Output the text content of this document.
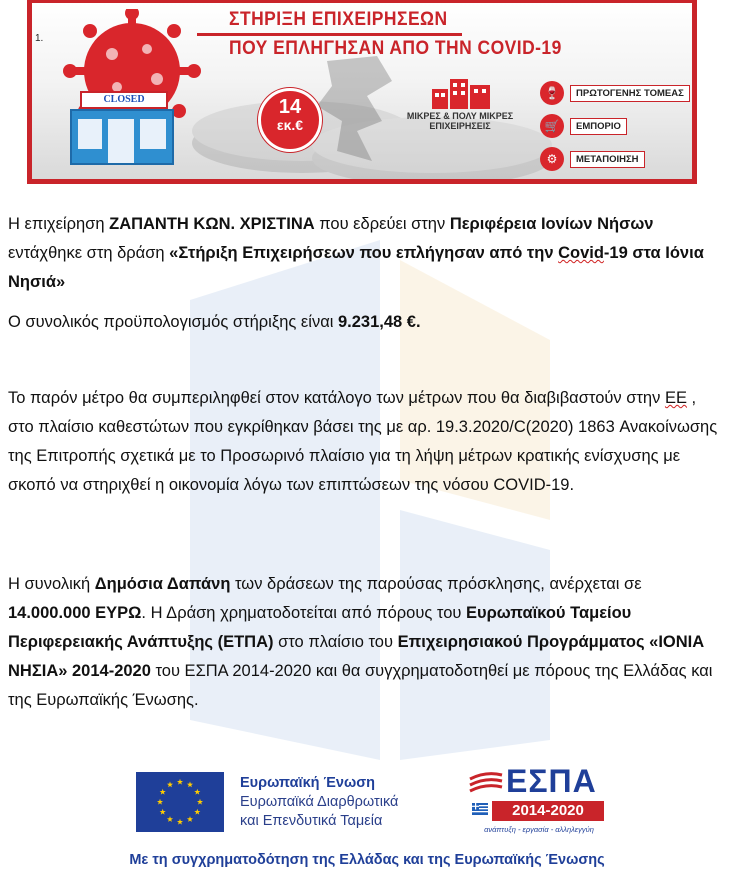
1.
CLOSED
ΣΤΗΡΙΞΗ ΕΠΙΧΕΙΡΗΣΕΩΝ
ΠΟΥ ΕΠΛΗΓΗΣΑΝ ΑΠΟ ΤΗΝ COVID-19
14
εκ.€
ΜΙΚΡΕΣ & ΠΟΛΥ ΜΙΚΡΕΣ
ΕΠΙΧΕΙΡΗΣΕΙΣ
🍷	ΠΡΩΤΟΓΕΝΗΣ ΤΟΜΕΑΣ
🛒	ΕΜΠΟΡΙΟ
⚙	ΜΕΤΑΠΟΙΗΣΗ
Η επιχείρηση ΖΑΠΑΝΤΗ ΚΩΝ. ΧΡΙΣΤΙΝΑ που εδρεύει στην Περιφέρεια Ιονίων Νήσων εντάχθηκε στη δράση «Στήριξη Επιχειρήσεων που επλήγησαν από την Covid-19 στα Ιόνια Νησιά»
Ο συνολικός προϋπολογισμός στήριξης είναι 9.231,48 €.
Το παρόν μέτρο θα συμπεριληφθεί στον κατάλογο των μέτρων που θα διαβιβαστούν στην ΕΕ , στο πλαίσιο καθεστώτων που εγκρίθηκαν βάσει της με αρ. 19.3.2020/C(2020) 1863 Ανακοίνωσης της Επιτροπής σχετικά με το Προσωρινό πλαίσιο για τη λήψη μέτρων κρατικής ενίσχυσης με σκοπό να στηριχθεί η οικονομία λόγω των επιπτώσεων της νόσου COVID-19.
Η συνολική Δημόσια Δαπάνη των δράσεων της παρούσας πρόσκλησης, ανέρχεται σε 14.000.000 ΕΥΡΩ. Η Δράση χρηματοδοτείται από πόρους του Ευρωπαϊκού Ταμείου Περιφερειακής Ανάπτυξης (ΕΤΠΑ) στο πλαίσιο του Επιχειρησιακού Προγράμματος «ΙΟΝΙΑ ΝΗΣΙΑ» 2014-2020 του ΕΣΠΑ 2014-2020 και θα συγχρηματοδοτηθεί με πόρους της Ελλάδας και της Ευρωπαϊκής Ένωσης.
Ευρωπαϊκή Ένωση
Ευρωπαϊκά Διαρθρωτικά
και Επενδυτικά Ταμεία
ΕΣΠΑ
2014-2020
ανάπτυξη - εργασία - αλληλεγγύη
Με τη συγχρηματοδότηση της Ελλάδας και της Ευρωπαϊκής Ένωσης
